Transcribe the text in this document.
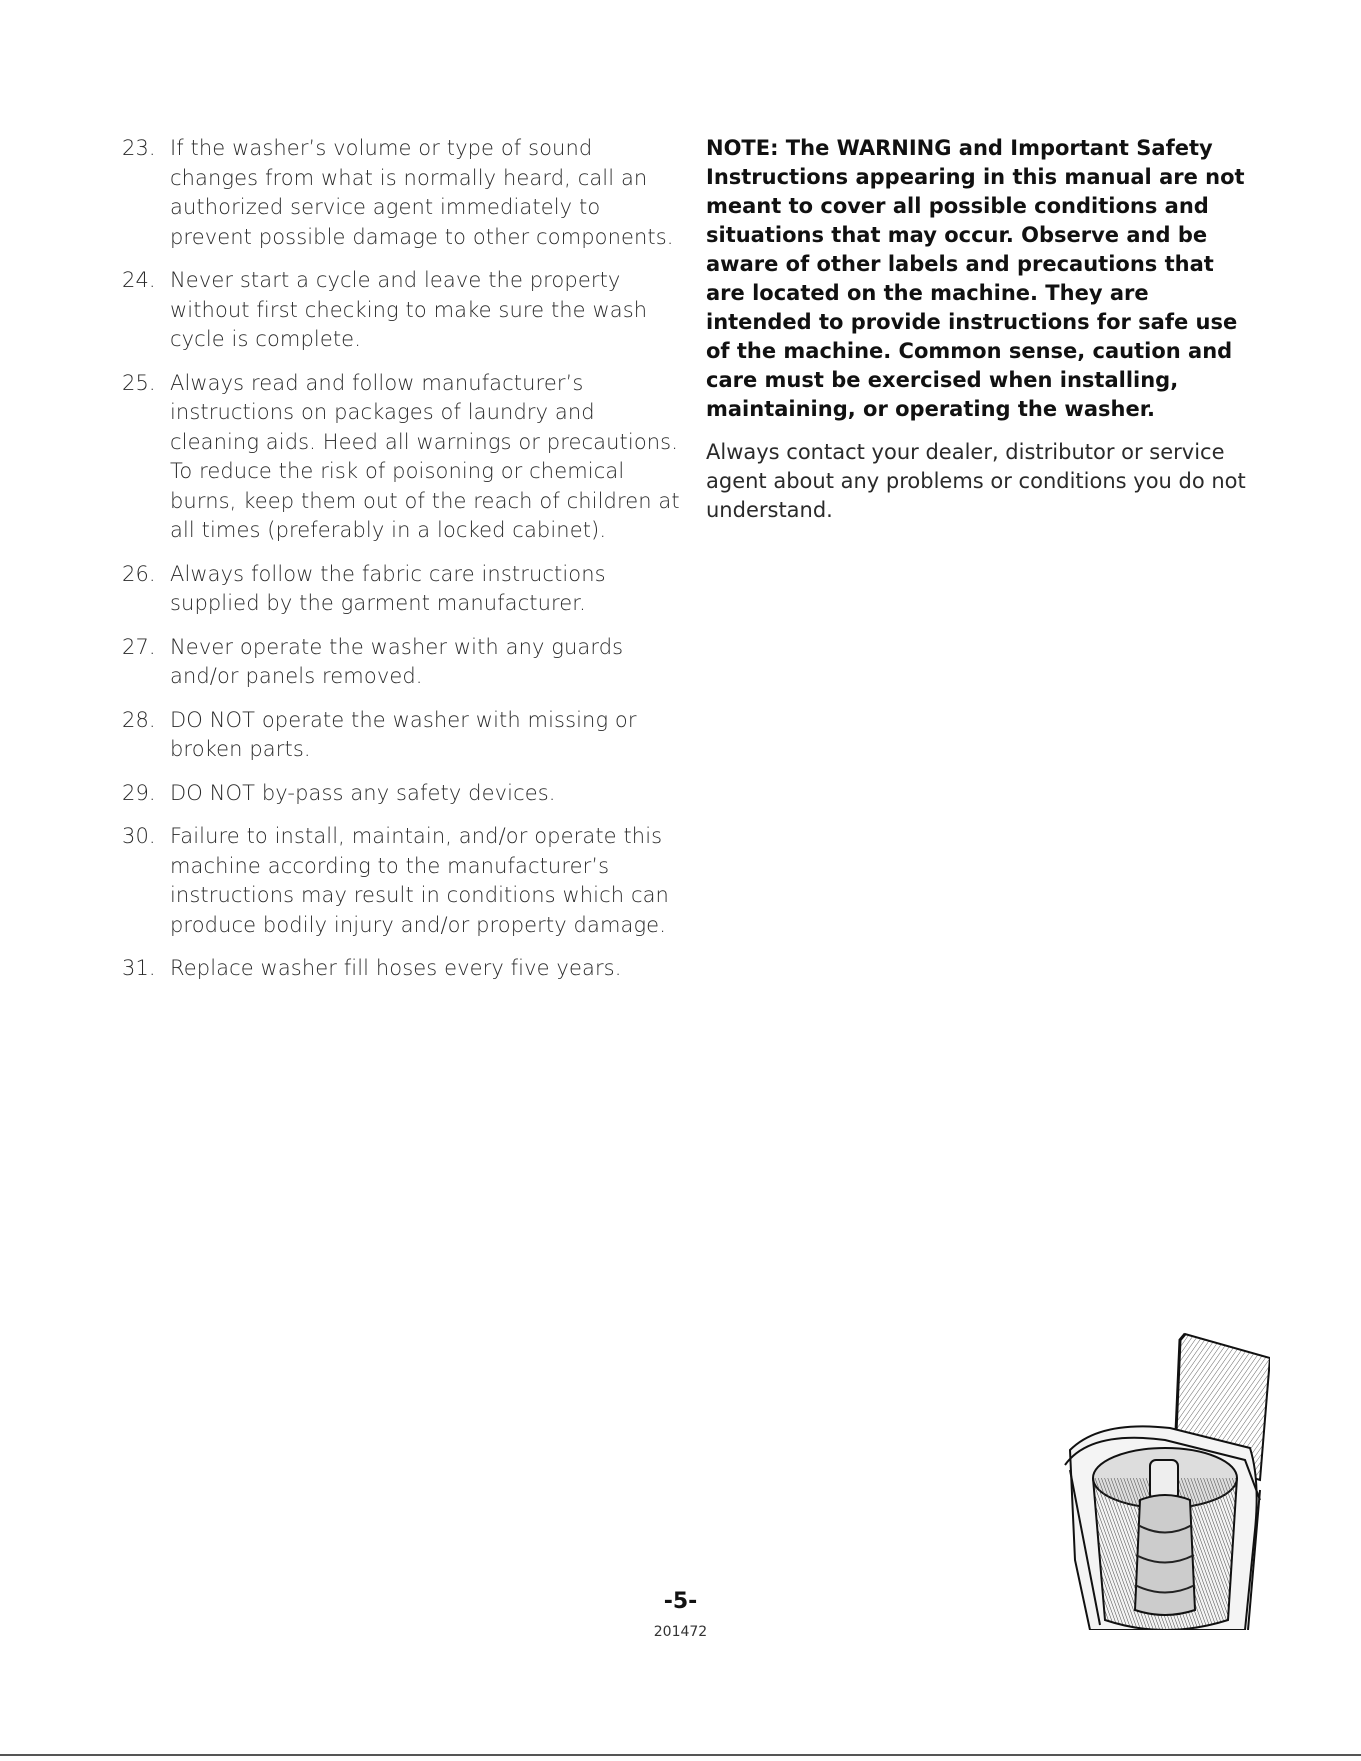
23. If the washer’s volume or type of sound changes from what is normally heard, call an authorized service agent immediately to prevent possible damage to other components.
24. Never start a cycle and leave the property without first checking to make sure the wash cycle is complete.
25. Always read and follow manufacturer’s instructions on packages of laundry and cleaning aids. Heed all warnings or precautions. To reduce the risk of poisoning or chemical burns, keep them out of the reach of children at all times (preferably in a locked cabinet).
26. Always follow the fabric care instructions supplied by the garment manufacturer.
27. Never operate the washer with any guards and/or panels removed.
28. DO NOT operate the washer with missing or broken parts.
29. DO NOT by-pass any safety devices.
30. Failure to install, maintain, and/or operate this machine according to the manufacturer’s instructions may result in conditions which can produce bodily injury and/or property damage.
31. Replace washer fill hoses every five years.

NOTE: The WARNING and Important Safety Instructions appearing in this manual are not meant to cover all possible conditions and situations that may occur. Observe and be aware of other labels and precautions that are located on the machine. They are intended to provide instructions for safe use of the machine. Common sense, caution and care must be exercised when installing, maintaining, or operating the washer.

Always contact your dealer, distributor or service agent about any problems or conditions you do not understand.

-5-
201472
